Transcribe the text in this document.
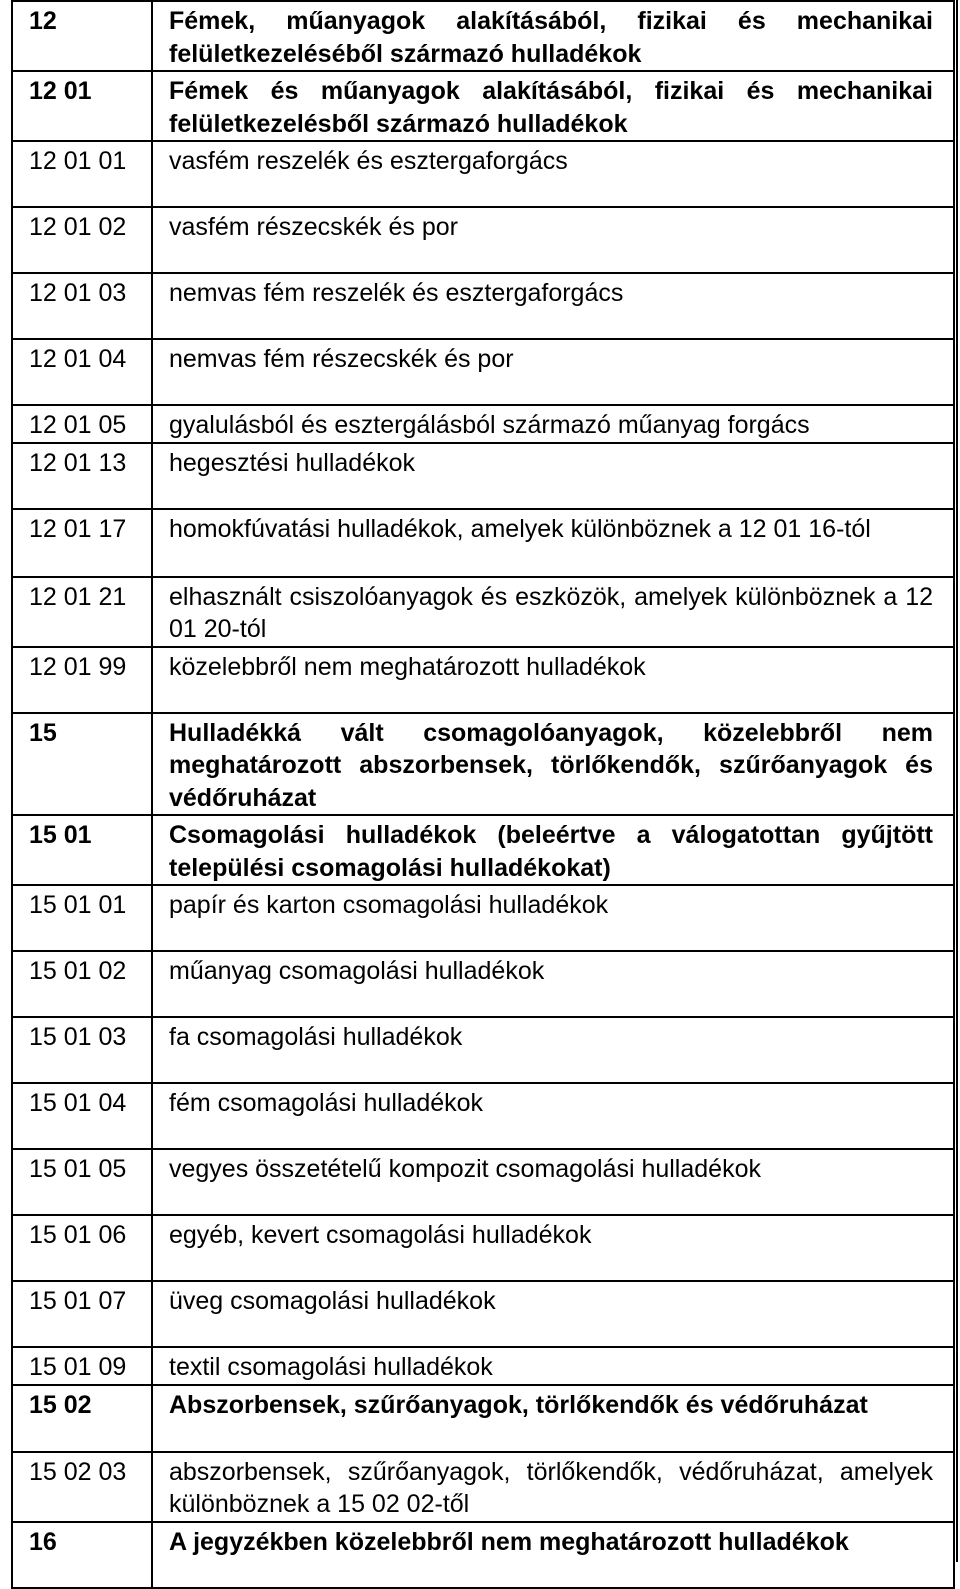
12	Fémek, műanyagok alakításából, fizikai és mechanikai felületkezeléséből származó hulladékok
12 01	Fémek és műanyagok alakításából, fizikai és mechanikai felületkezelésből származó hulladékok
12 01 01	vasfém reszelék és esztergaforgács
12 01 02	vasfém részecskék és por
12 01 03	nemvas fém reszelék és esztergaforgács
12 01 04	nemvas fém részecskék és por
12 01 05	gyalulásból és esztergálásból származó műanyag forgács
12 01 13	hegesztési hulladékok
12 01 17	homokfúvatási hulladékok, amelyek különböznek a 12 01 16-tól
12 01 21	elhasznált csiszolóanyagok és eszközök, amelyek különböznek a 12 01 20-tól
12 01 99	közelebbről nem meghatározott hulladékok
15	Hulladékká vált csomagolóanyagok, közelebbről nem meghatározott abszorbensek, törlőkendők, szűrőanyagok és védőruházat
15 01	Csomagolási hulladékok (beleértve a válogatottan gyűjtött települési csomagolási hulladékokat)
15 01 01	papír és karton csomagolási hulladékok
15 01 02	műanyag csomagolási hulladékok
15 01 03	fa csomagolási hulladékok
15 01 04	fém csomagolási hulladékok
15 01 05	vegyes összetételű kompozit csomagolási hulladékok
15 01 06	egyéb, kevert csomagolási hulladékok
15 01 07	üveg csomagolási hulladékok
15 01 09	textil csomagolási hulladékok
15 02	Abszorbensek, szűrőanyagok, törlőkendők és védőruházat
15 02 03	abszorbensek, szűrőanyagok, törlőkendők, védőruházat, amelyek különböznek a 15 02 02-től
16	A jegyzékben közelebbről nem meghatározott hulladékok
